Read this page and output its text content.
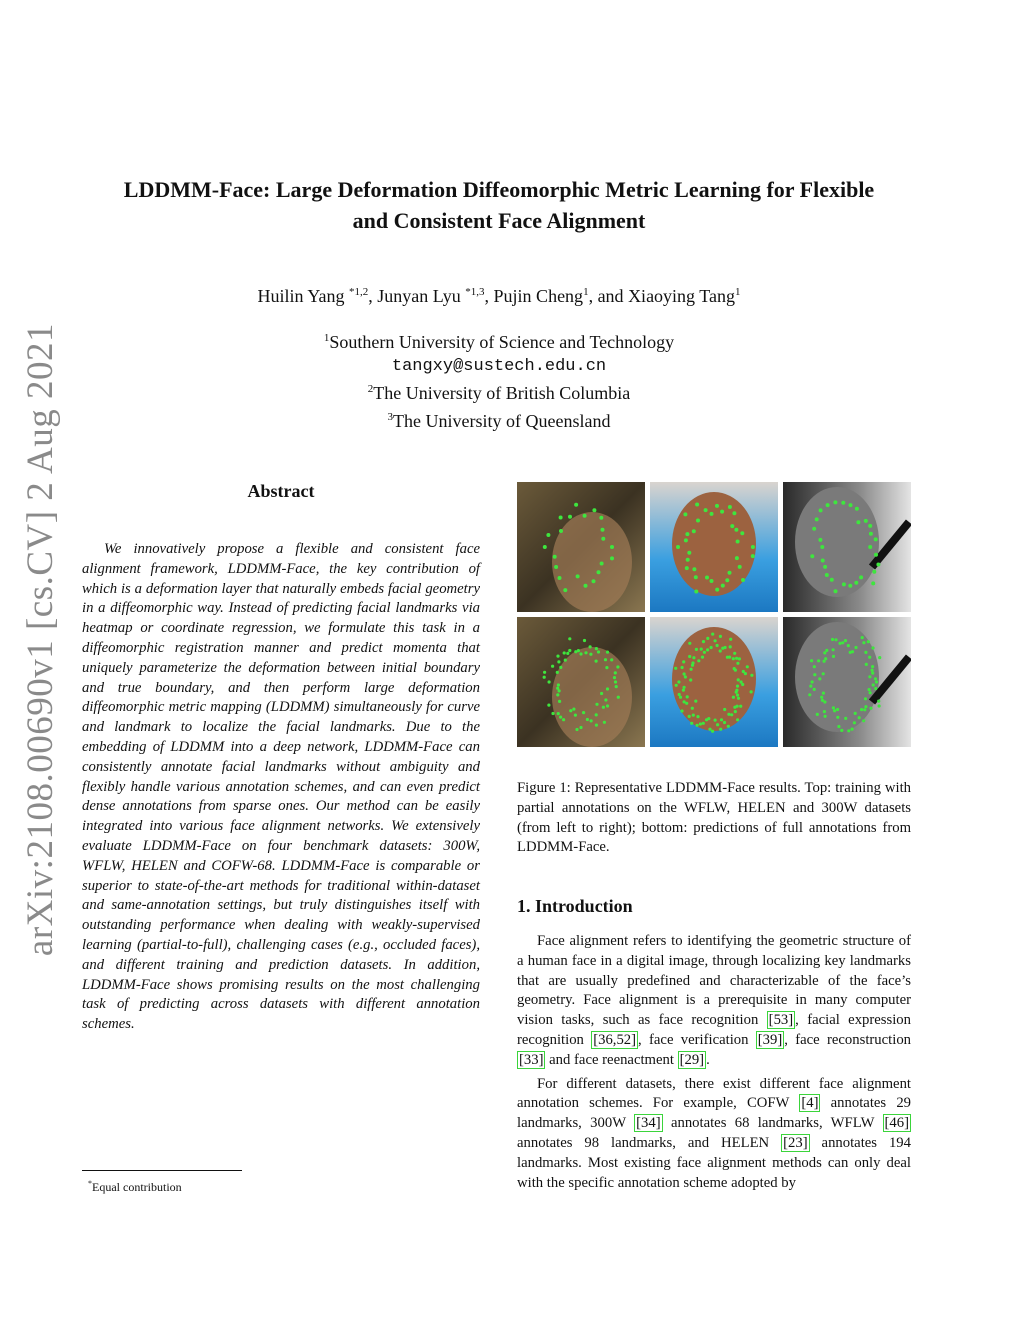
arXiv:2108.00690v1 [cs.CV] 2 Aug 2021
LDDMM-Face: Large Deformation Diffeomorphic Metric Learning for Flexible
and Consistent Face Alignment
Huilin Yang $^{*1,2}$, Junyan Lyu $^{*1,3}$, Pujin Cheng$^1$, and Xiaoying Tang$^1$
$^1$Southern University of Science and Technology
tangxy@sustech.edu.cn
$^2$The University of British Columbia
$^3$The University of Queensland
Abstract

We innovatively propose a flexible and consistent face alignment framework, LDDMM-Face, the key contribution of which is a deformation layer that naturally embeds facial geometry in a diffeomorphic way. Instead of predicting facial landmarks via heatmap or coordinate regression, we formulate this task in a diffeomorphic registration manner and predict momenta that uniquely parameterize the deformation between initial boundary and true boundary, and then perform large deformation diffeomorphic metric mapping (LDDMM) simultaneously for curve and landmark to localize the facial landmarks. Due to the embedding of LDDMM into a deep network, LDDMM-Face can consistently annotate facial landmarks without ambiguity and flexibly handle various annotation schemes, and can even predict dense annotations from sparse ones. Our method can be easily integrated into various face alignment networks. We extensively evaluate LDDMM-Face on four benchmark datasets: 300W, WFLW, HELEN and COFW-68. LDDMM-Face is comparable or superior to state-of-the-art methods for traditional within-dataset and same-annotation settings, but truly distinguishes itself with outstanding performance when dealing with weakly-supervised learning (partial-to-full), challenging cases (e.g., occluded faces), and different training and prediction datasets. In addition, LDDMM-Face shows promising results on the most challenging task of predicting across datasets with different annotation schemes.

*Equal contribution

Figure 1: Representative LDDMM-Face results. Top: training with partial annotations on the WFLW, HELEN and 300W datasets (from left to right); bottom: predictions of full annotations from LDDMM-Face.

1. Introduction

Face alignment refers to identifying the geometric structure of a human face in a digital image, through localizing key landmarks that are usually predefined and characterizable of the face’s geometry. Face alignment is a prerequisite in many computer vision tasks, such as face recognition [53] , facial expression recognition [36,52] , face verification [39] , face reconstruction [33] and face reenactment [29] .

For different datasets, there exist different face alignment annotation schemes. For example, COFW [4] annotates 29 landmarks, 300W [34] annotates 68 landmarks, WFLW [46] annotates 98 landmarks, and HELEN [23] annotates 194 landmarks. Most existing face alignment methods can only deal with the specific annotation scheme adopted by
